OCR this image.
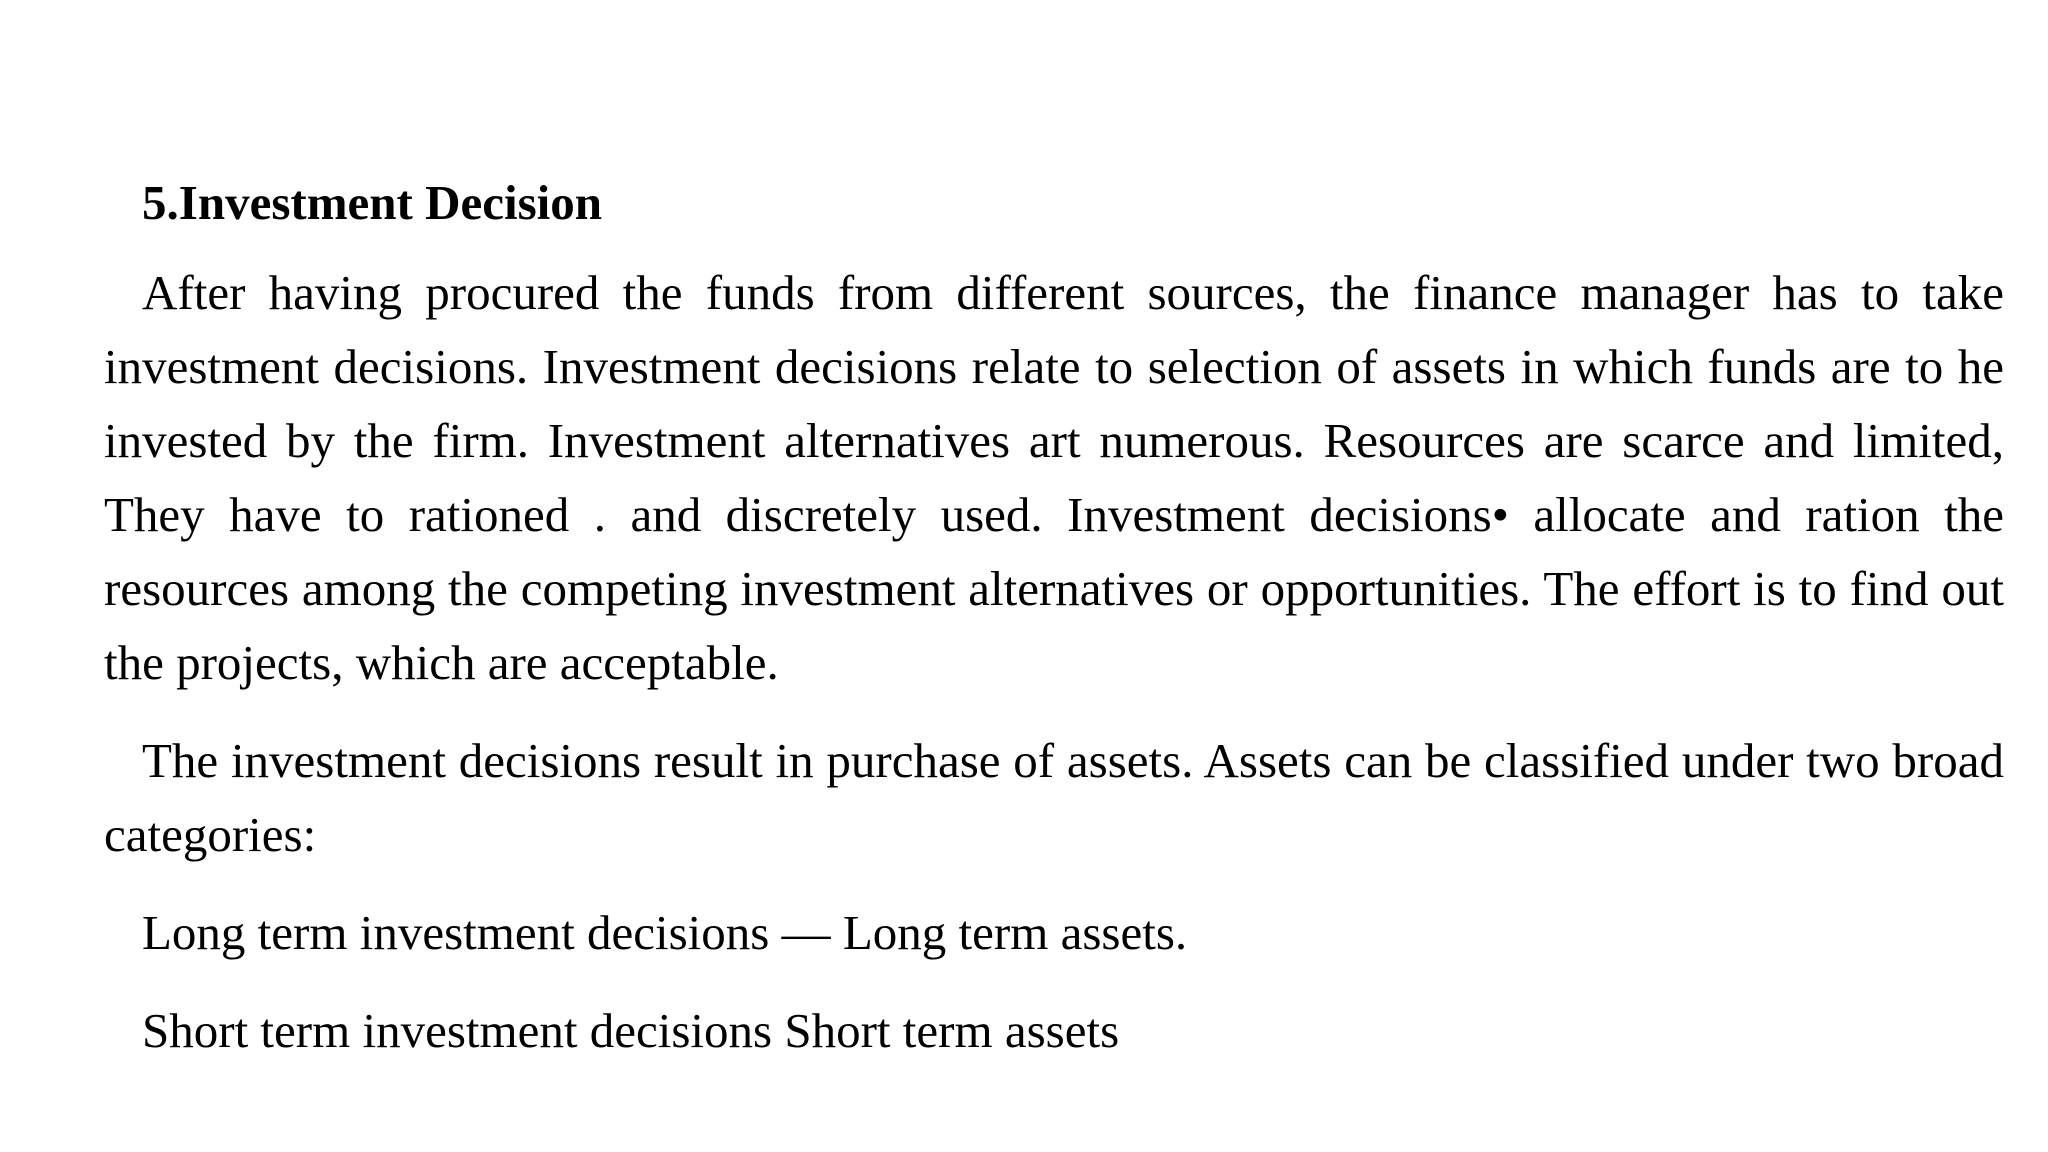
5.Investment Decision
After having procured the funds from different sources, the finance manager has to take investment decisions. Investment decisions relate to selection of assets in which funds are to he invested by the firm. Investment alternatives art numerous. Resources are scarce and limited, They have to rationed . and discretely used. Investment decisions• allocate and ration the resources among the competing investment alternatives or opportunities. The effort is to find out the projects, which are acceptable.
The investment decisions result in purchase of assets. Assets can be classified under two broad categories:
Long term investment decisions — Long term assets.
Short term investment decisions Short term assets
